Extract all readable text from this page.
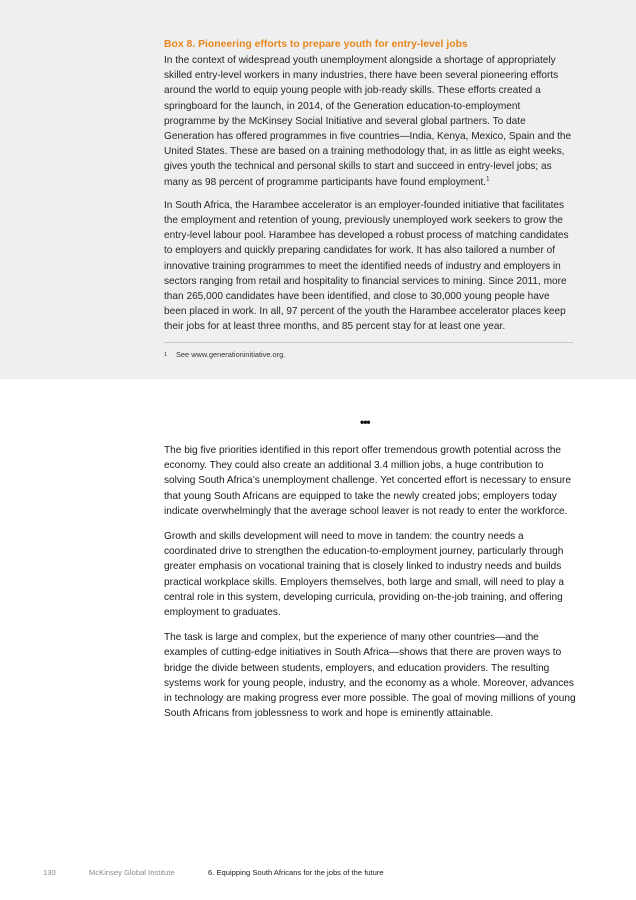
Box 8. Pioneering efforts to prepare youth for entry-level jobs

In the context of widespread youth unemployment alongside a shortage of appropriately skilled entry-level workers in many industries, there have been several pioneering efforts around the world to equip young people with job-ready skills. These efforts created a springboard for the launch, in 2014, of the Generation education-to-employment programme by the McKinsey Social Initiative and several global partners. To date Generation has offered programmes in five countries—India, Kenya, Mexico, Spain and the United States. These are based on a training methodology that, in as little as eight weeks, gives youth the technical and personal skills to start and succeed in entry-level jobs; as many as 98 percent of programme participants have found employment.$^1$

In South Africa, the Harambee accelerator is an employer-founded initiative that facilitates the employment and retention of young, previously unemployed work seekers to grow the entry-level labour pool. Harambee has developed a robust process of matching candidates to employers and quickly preparing candidates for work. It has also tailored a number of innovative training programmes to meet the identified needs of industry and employers in sectors ranging from retail and hospitality to financial services to mining. Since 2011, more than 265,000 candidates have been identified, and close to 30,000 young people have been placed in work. In all, 97 percent of the youth the Harambee accelerator places keep their jobs for at least three months, and 85 percent stay for at least one year.

1 See www.generationinitiative.org.
•••

The big five priorities identified in this report offer tremendous growth potential across the economy. They could also create an additional 3.4 million jobs, a huge contribution to solving South Africa’s unemployment challenge. Yet concerted effort is necessary to ensure that young South Africans are equipped to take the newly created jobs; employers today indicate overwhelmingly that the average school leaver is not ready to enter the workforce.

Growth and skills development will need to move in tandem: the country needs a coordinated drive to strengthen the education-to-employment journey, particularly through greater emphasis on vocational training that is closely linked to industry needs and builds practical workplace skills. Employers themselves, both large and small, will need to play a central role in this system, developing curricula, providing on-the-job training, and offering employment to graduates.

The task is large and complex, but the experience of many other countries—and the examples of cutting-edge initiatives in South Africa—shows that there are proven ways to bridge the divide between students, employers, and education providers. The resulting systems work for young people, industry, and the economy as a whole. Moreover, advances in technology are making progress ever more possible. The goal of moving millions of young South Africans from joblessness to work and hope is eminently attainable.

130	McKinsey Global Institute	6. Equipping South Africans for the jobs of the future
